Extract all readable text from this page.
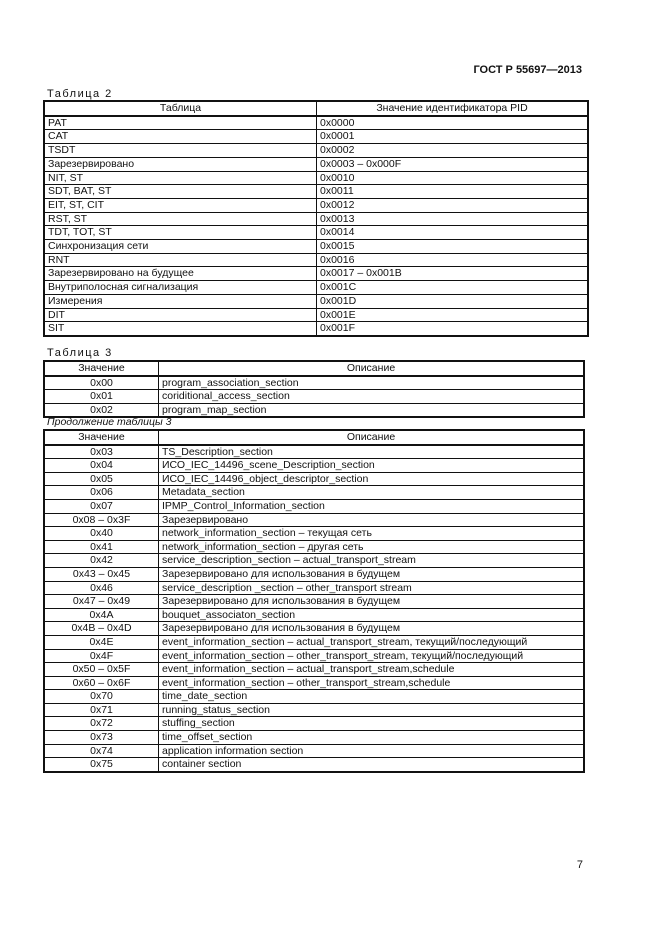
ГОСТ Р 55697—2013
Таблица 2
Таблица	Значение идентификатора PID
PAT	0x0000
CAT	0x0001
TSDT	0x0002
Зарезервировано	0x0003 – 0x000F
NIT, ST	0x0010
SDT, BAT, ST	0x0011
EIT, ST, CIT	0x0012
RST, ST	0x0013
TDT, TOT, ST	0x0014
Синхронизация сети	0x0015
RNT	0x0016
Зарезервировано на будущее	0x0017 – 0x001B
Внутриполосная сигнализация	0x001C
Измерения	0x001D
DIT	0x001E
SIT	0x001F
Таблица 3
Значение	Описание
0x00	program_association_section
0x01	coriditional_access_section
0x02	program_map_section
Продолжение таблицы 3
Значение	Описание
0x03	TS_Description_section
0x04	ИСО_IEC_14496_scene_Description_section
0x05	ИСО_IEC_14496_object_descriptor_section
0x06	Metadata_section
0x07	IPMP_Control_Information_section
0x08 – 0x3F	Зарезервировано
0x40	network_information_section – текущая сеть
0x41	network_information_section – другая сеть
0x42	service_description_section – actual_transport_stream
0x43 – 0x45	Зарезервировано для использования в будущем
0x46	service_description _section – other_transport stream
0x47 – 0x49	Зарезервировано для использования в будущем
0x4A	bouquet_associaton_section
0x4B – 0x4D	Зарезервировано для использования в будущем
0x4E	event_information_section – actual_transport_stream, текущий/последующий
0x4F	event_information_section – other_transport_stream, текущий/последующий
0x50 – 0x5F	event_information_section – actual_transport_stream,schedule
0x60 – 0x6F	event_information_section – other_transport_stream,schedule
0x70	time_date_section
0x71	running_status_section
0x72	stuffing_section
0x73	time_offset_section
0x74	application information section
0x75	container section
7
